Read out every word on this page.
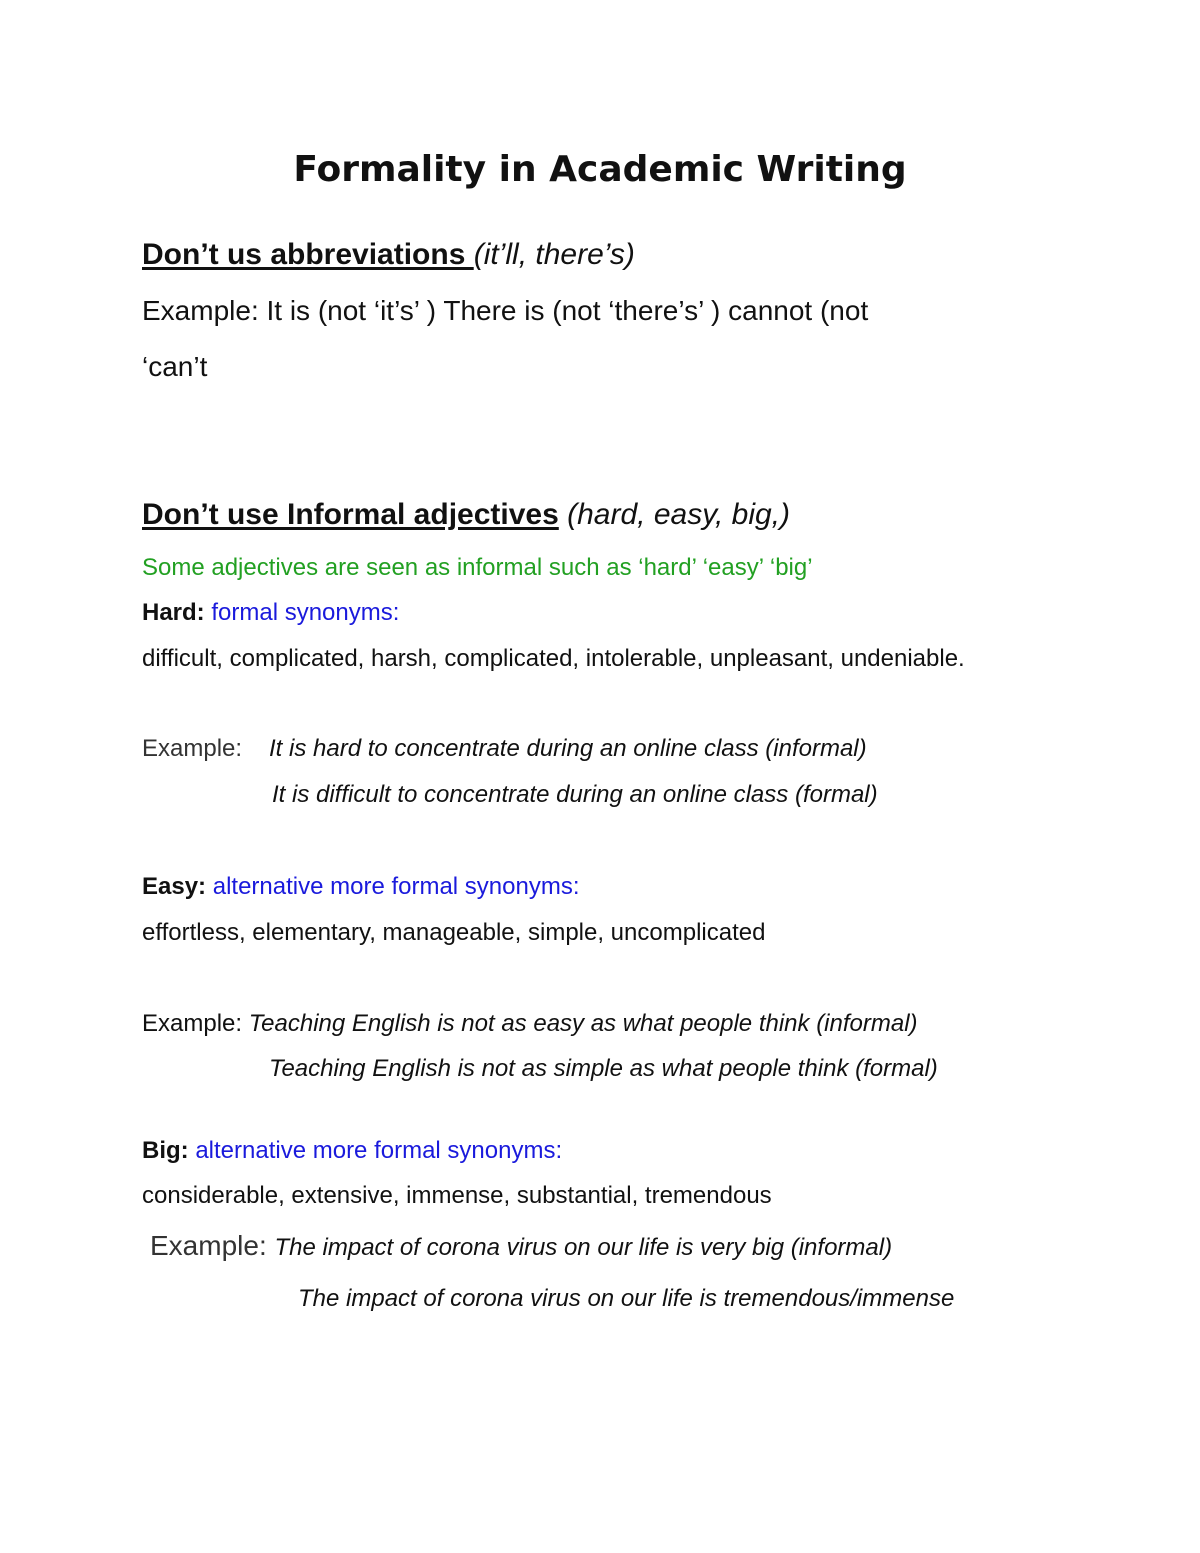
Formality in Academic Writing
Don’t us abbreviations (it’ll, there’s)
Example: It is (not ‘it’s’ ) There is (not ‘there’s’ ) cannot (not
‘can’t
Don’t use Informal adjectives (hard, easy, big,)
Some adjectives are seen as informal such as ‘hard’ ‘easy’ ‘big’
Hard: formal synonyms:
difficult, complicated, harsh, complicated, intolerable, unpleasant, undeniable.
Example: It is hard to concentrate during an online class (informal)
It is difficult to concentrate during an online class (formal)
Easy: alternative more formal synonyms:
effortless, elementary, manageable, simple, uncomplicated
Example: Teaching English is not as easy as what people think (informal)
Teaching English is not as simple as what people think (formal)
Big: alternative more formal synonyms:
considerable, extensive, immense, substantial, tremendous
Example: The impact of corona virus on our life is very big (informal)
The impact of corona virus on our life is tremendous/immense
